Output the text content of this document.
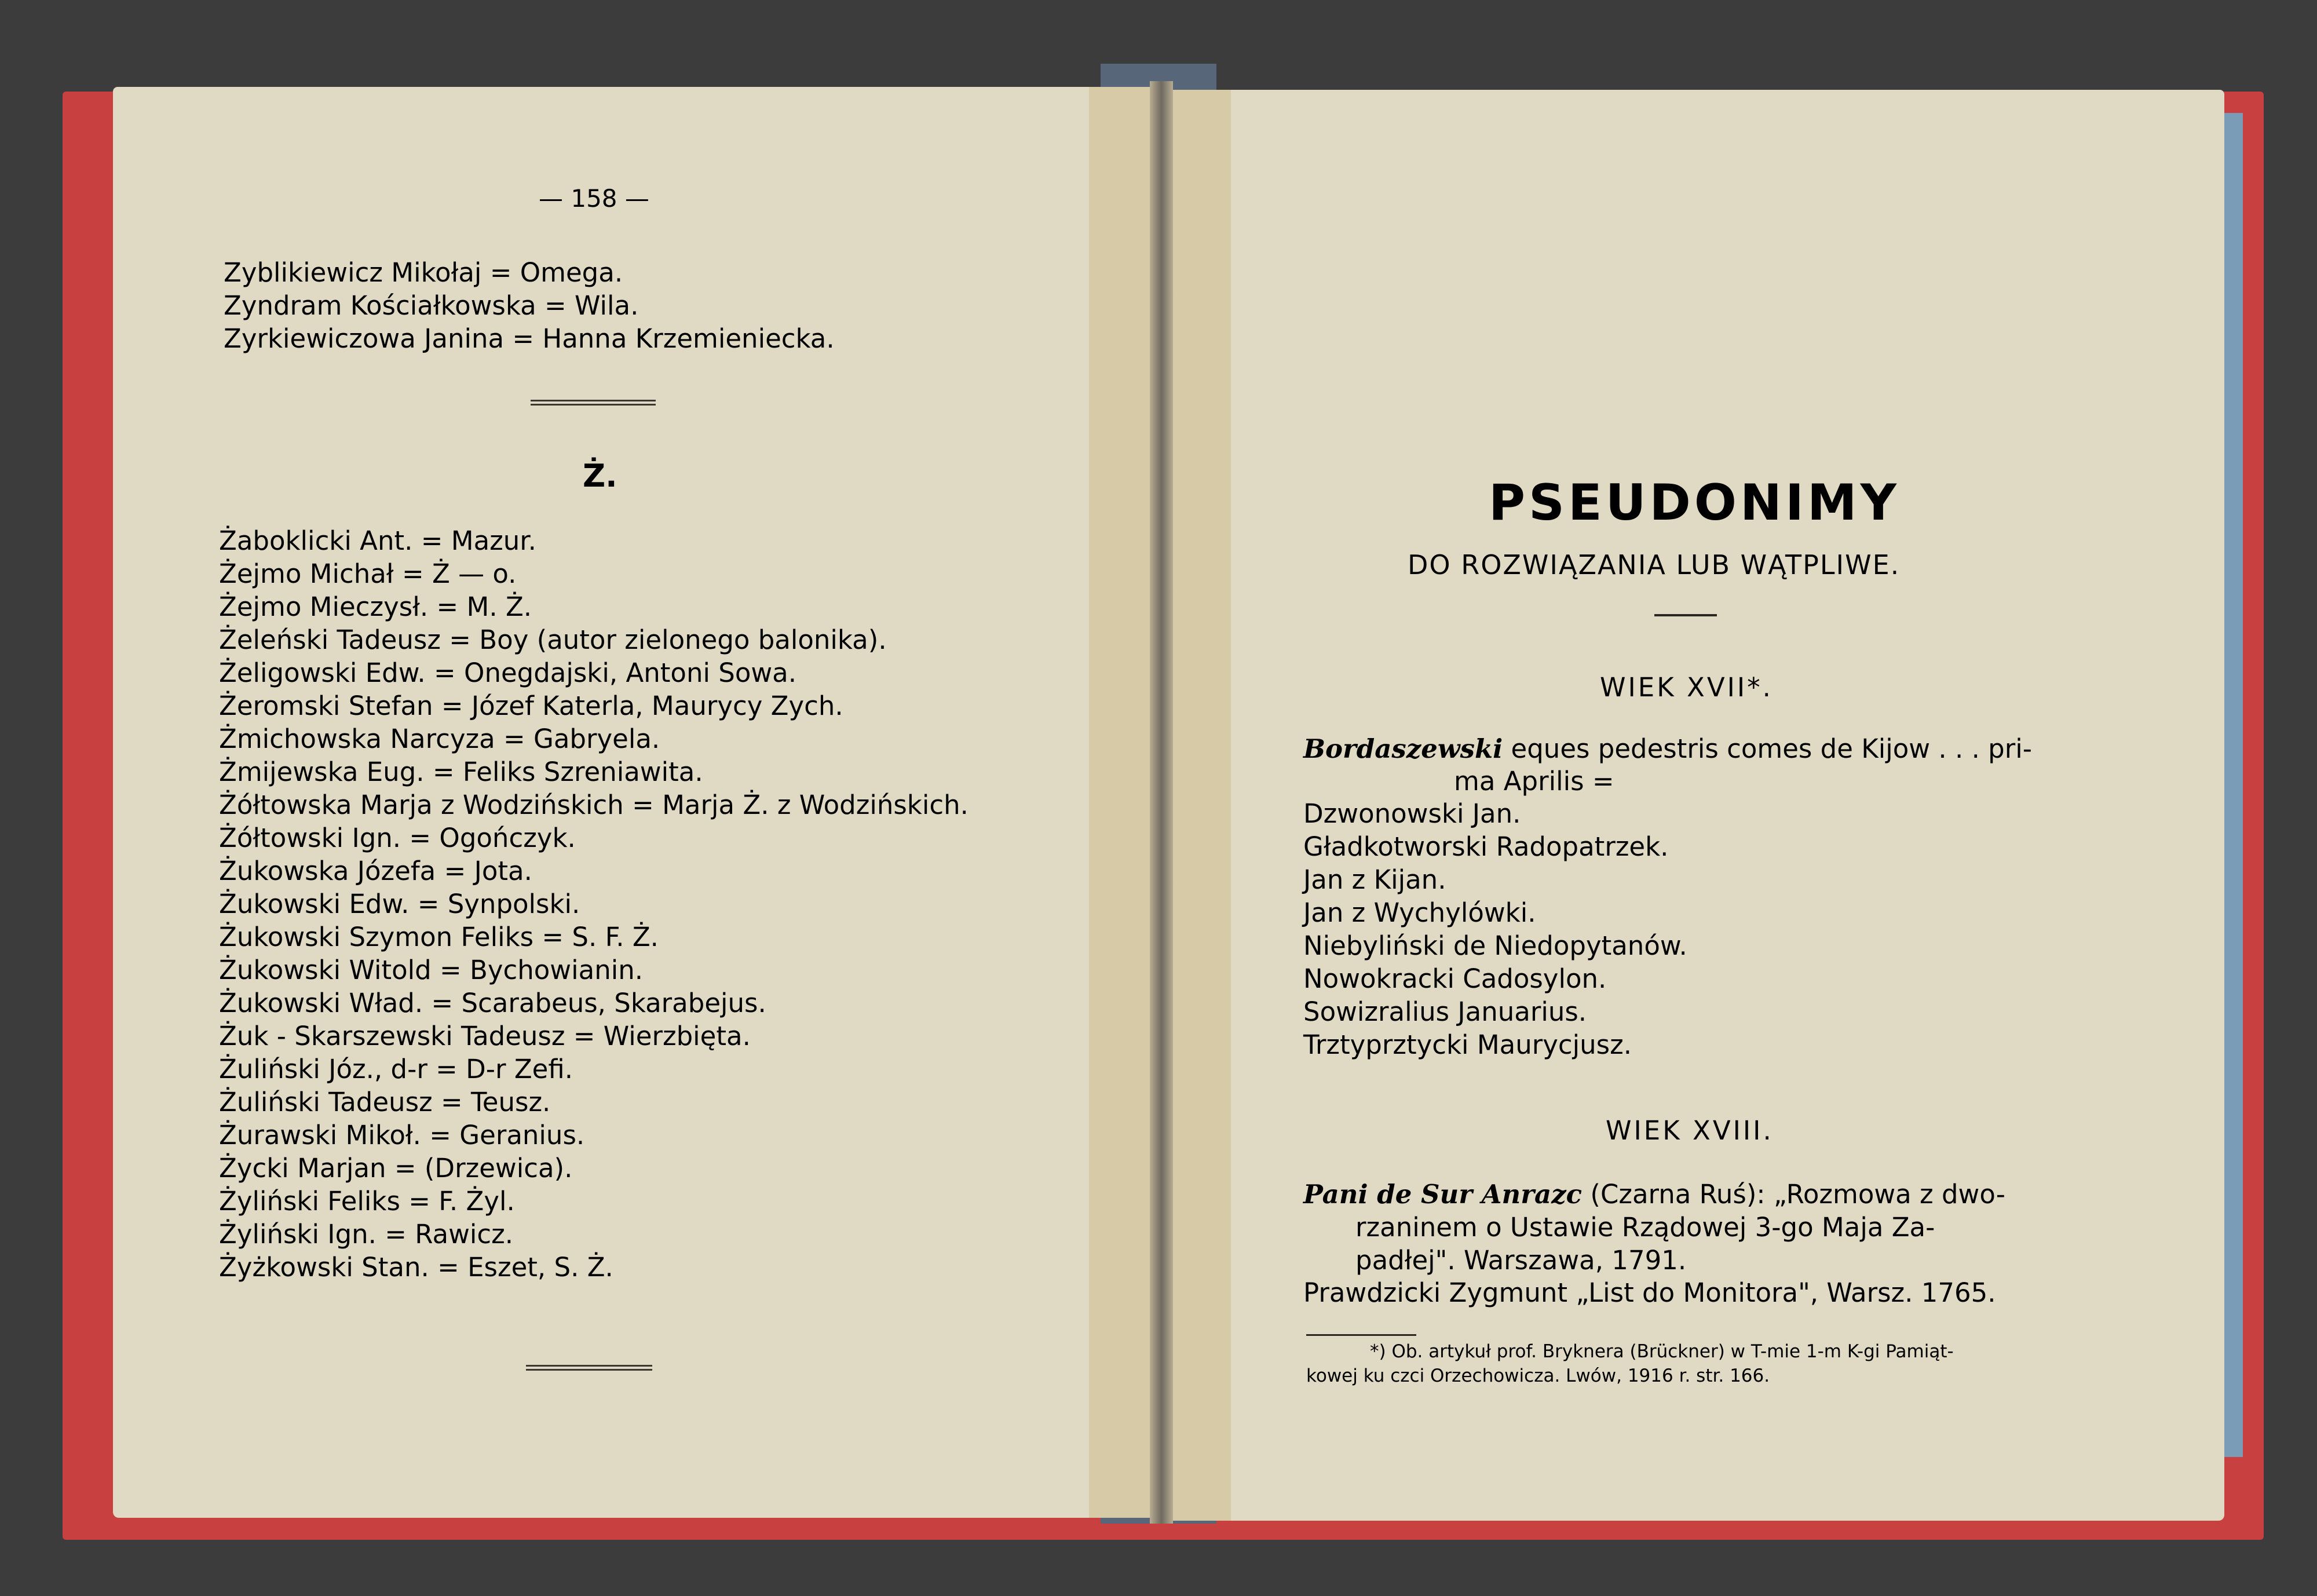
— 158 —
Zyblikiewicz Mikołaj = Omega.
Zyndram Kościałkowska = Wila.
Zyrkiewiczowa Janina = Hanna Krzemieniecka.
Ż.
Żaboklicki Ant. = Mazur.
Żejmo Michał = Ż — o.
Żejmo Mieczysł. = M. Ż.
Żeleński Tadeusz = Boy (autor zielonego balonika).
Żeligowski Edw. = Onegdajski, Antoni Sowa.
Żeromski Stefan = Józef Katerla, Maurycy Zych.
Żmichowska Narcyza = Gabryela.
Żmijewska Eug. = Feliks Szreniawita.
Żółtowska Marja z Wodzińskich = Marja Ż. z Wodzińskich.
Żółtowski Ign. = Ogończyk.
Żukowska Józefa = Jota.
Żukowski Edw. = Synpolski.
Żukowski Szymon Feliks = S. F. Ż.
Żukowski Witold = Bychowianin.
Żukowski Wład. = Scarabeus, Skarabejus.
Żuk - Skarszewski Tadeusz = Wierzbięta.
Żuliński Józ., d-r = D-r Zefi.
Żuliński Tadeusz = Teusz.
Żurawski Mikoł. = Geranius.
Życki Marjan = (Drzewica).
Żyliński Feliks = F. Żyl.
Żyliński Ign. = Rawicz.
Żyżkowski Stan. = Eszet, S. Ż.
PSEUDONIMY
DO ROZWIĄZANIA LUB WĄTPLIWE.
WIEK XVII*.
Bordaszewski eques pedestris comes de Kijow . . . pri-
ma Aprilis =
Dzwonowski Jan.
Gładkotworski Radopatrzek.
Jan z Kijan.
Jan z Wychylówki.
Niebyliński de Niedopytanów.
Nowokracki Cadosylon.
Sowizralius Januarius.
Trztyprztycki Maurycjusz.
WIEK XVIII.
Pani de Sur Anrazc (Czarna Ruś): „Rozmowa z dwo-
rzaninem o Ustawie Rządowej 3-go Maja Za-
padłej". Warszawa, 1791.
Prawdzicki Zygmunt „List do Monitora", Warsz. 1765.
*) Ob. artykuł prof. Bryknera (Brückner) w T-mie 1-m K-gi Pamiąt-
kowej ku czci Orzechowicza. Lwów, 1916 r. str. 166.
